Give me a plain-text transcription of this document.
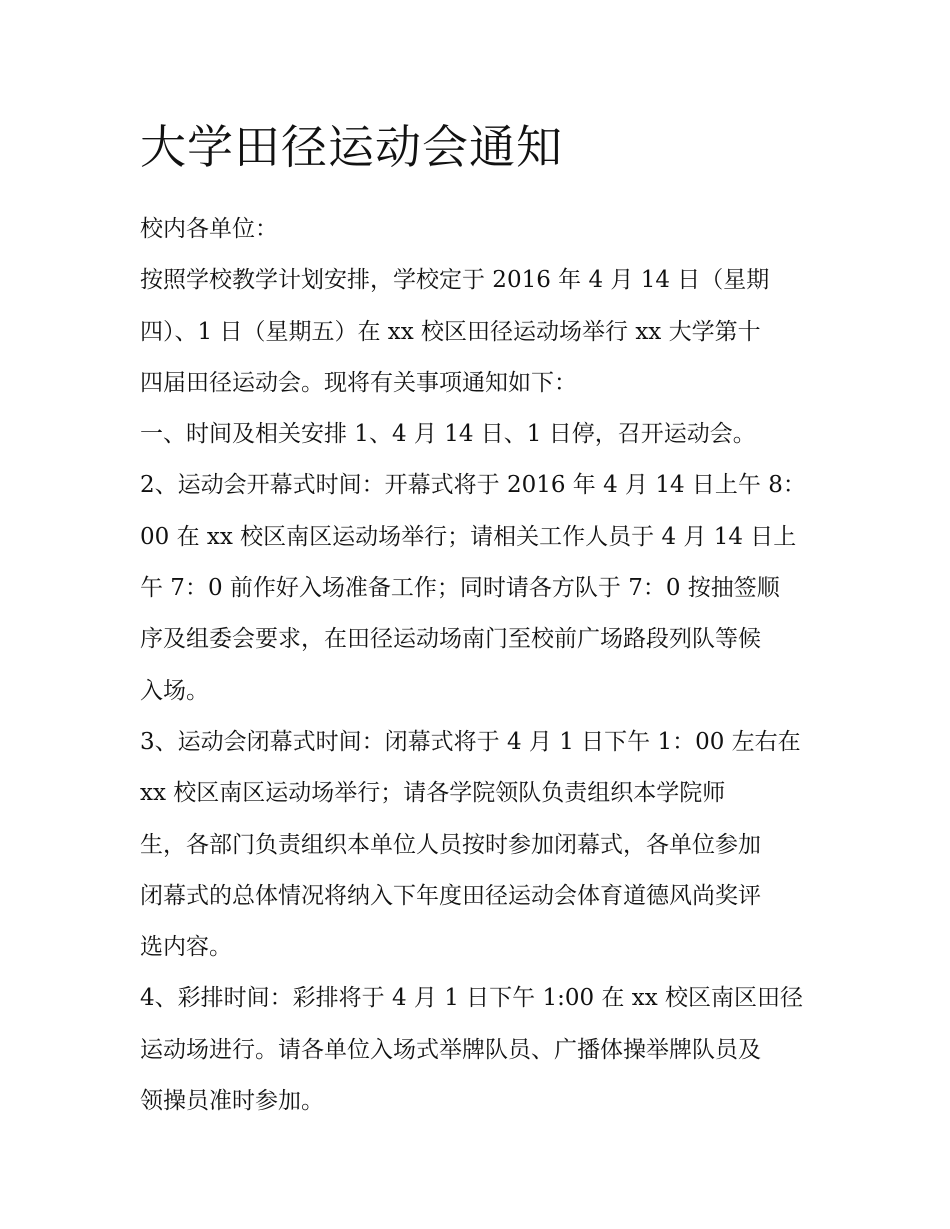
大学田径运动会通知

校内各单位：

按照学校教学计划安排，学校定于 2016 年 4 月 14 日（星期

四）、1 日（星期五）在 xx 校区田径运动场举行 xx 大学第十

四届田径运动会。现将有关事项通知如下：

一、时间及相关安排 1、4 月 14 日、1 日停，召开运动会。

2、运动会开幕式时间：开幕式将于 2016 年 4 月 14 日上午 8：

00 在 xx 校区南区运动场举行；请相关工作人员于 4 月 14 日上

午 7：0 前作好入场准备工作；同时请各方队于 7：0 按抽签顺

序及组委会要求，在田径运动场南门至校前广场路段列队等候

入场。

3、运动会闭幕式时间：闭幕式将于 4 月 1 日下午 1：00 左右在

xx 校区南区运动场举行；请各学院领队负责组织本学院师

生，各部门负责组织本单位人员按时参加闭幕式，各单位参加

闭幕式的总体情况将纳入下年度田径运动会体育道德风尚奖评

选内容。

4、彩排时间：彩排将于 4 月 1 日下午 1:00 在 xx 校区南区田径

运动场进行。请各单位入场式举牌队员、广播体操举牌队员及

领操员准时参加。
